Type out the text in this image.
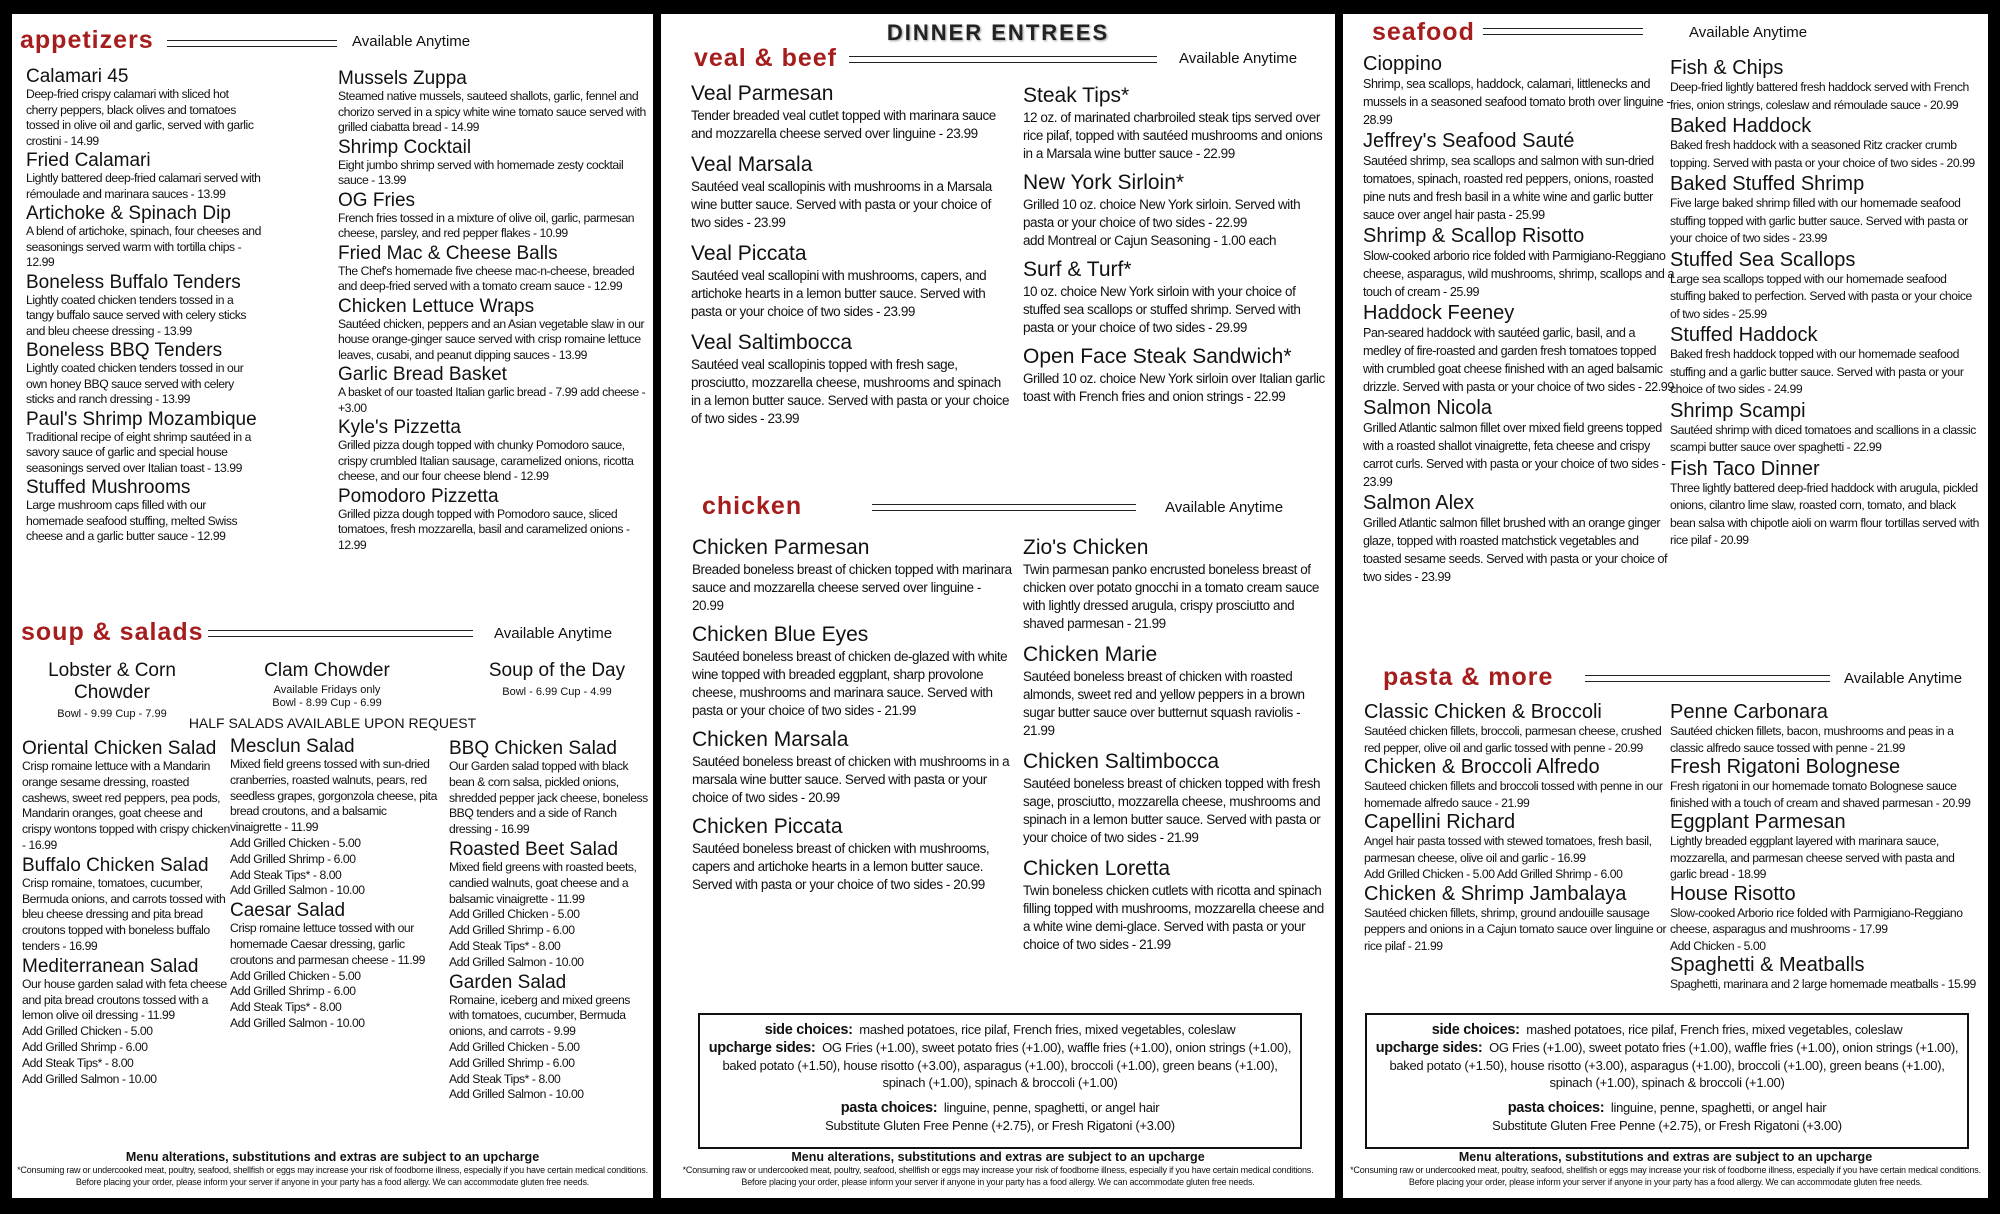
appetizers	Available Anytime
Calamari 45
Deep-fried crispy calamari with sliced hot cherry peppers, black olives and tomatoes tossed in olive oil and garlic, served with garlic crostini - 14.99
Fried Calamari
Lightly battered deep-fried calamari served with rémoulade and marinara sauces - 13.99
Artichoke & Spinach Dip
A blend of artichoke, spinach, four cheeses and seasonings served warm with tortilla chips - 12.99
Boneless Buffalo Tenders
Lightly coated chicken tenders tossed in a tangy buffalo sauce served with celery sticks and bleu cheese dressing - 13.99
Boneless BBQ Tenders
Lightly coated chicken tenders tossed in our own honey BBQ sauce served with celery sticks and ranch dressing - 13.99
Paul's Shrimp Mozambique
Traditional recipe of eight shrimp sautéed in a savory sauce of garlic and special house seasonings served over Italian toast - 13.99
Stuffed Mushrooms
Large mushroom caps filled with our homemade seafood stuffing, melted Swiss cheese and a garlic butter sauce - 12.99
Mussels Zuppa
Steamed native mussels, sauteed shallots, garlic, fennel and chorizo served in a spicy white wine tomato sauce served with grilled ciabatta bread - 14.99
Shrimp Cocktail
Eight jumbo shrimp served with homemade zesty cocktail sauce - 13.99
OG Fries
French fries tossed in a mixture of olive oil, garlic, parmesan cheese, parsley, and red pepper flakes - 10.99
Fried Mac & Cheese Balls
The Chef's homemade five cheese mac-n-cheese, breaded and deep-fried served with a tomato cream sauce - 12.99
Chicken Lettuce Wraps
Sautéed chicken, peppers and an Asian vegetable slaw in our house orange-ginger sauce served with crisp romaine lettuce leaves, cusabi, and peanut dipping sauces - 13.99
Garlic Bread Basket
A basket of our toasted Italian garlic bread - 7.99 add cheese - +3.00
Kyle's Pizzetta
Grilled pizza dough topped with chunky Pomodoro sauce, crispy crumbled Italian sausage, caramelized onions, ricotta cheese, and our four cheese blend - 12.99
Pomodoro Pizzetta
Grilled pizza dough topped with Pomodoro sauce, sliced tomatoes, fresh mozzarella, basil and caramelized onions - 12.99
soup & salads	Available Anytime
Lobster & Corn Chowder
Bowl - 9.99 Cup - 7.99
Clam Chowder
Available Fridays only
Bowl - 8.99 Cup - 6.99
Soup of the Day
Bowl - 6.99 Cup - 4.99
HALF SALADS AVAILABLE UPON REQUEST
Oriental Chicken Salad
Crisp romaine lettuce with a Mandarin orange sesame dressing, roasted cashews, sweet red peppers, pea pods, Mandarin oranges, goat cheese and crispy wontons topped with crispy chicken - 16.99
Buffalo Chicken Salad
Crisp romaine, tomatoes, cucumber, Bermuda onions, and carrots tossed with bleu cheese dressing and pita bread croutons topped with boneless buffalo tenders - 16.99
Mediterranean Salad
Our house garden salad with feta cheese and pita bread croutons tossed with a lemon olive oil dressing - 11.99
Add Grilled Chicken - 5.00
Add Grilled Shrimp - 6.00
Add Steak Tips* - 8.00
Add Grilled Salmon - 10.00
Mesclun Salad
Mixed field greens tossed with sun-dried cranberries, roasted walnuts, pears, red seedless grapes, gorgonzola cheese, pita bread croutons, and a balsamic vinaigrette - 11.99
Add Grilled Chicken - 5.00
Add Grilled Shrimp - 6.00
Add Steak Tips* - 8.00
Add Grilled Salmon - 10.00
Caesar Salad
Crisp romaine lettuce tossed with our homemade Caesar dressing, garlic croutons and parmesan cheese - 11.99
Add Grilled Chicken - 5.00
Add Grilled Shrimp - 6.00
Add Steak Tips* - 8.00
Add Grilled Salmon - 10.00
BBQ Chicken Salad
Our Garden salad topped with black bean & corn salsa, pickled onions, shredded pepper jack cheese, boneless BBQ tenders and a side of Ranch dressing - 16.99
Roasted Beet Salad
Mixed field greens with roasted beets, candied walnuts, goat cheese and a balsamic vinaigrette - 11.99
Add Grilled Chicken - 5.00
Add Grilled Shrimp - 6.00
Add Steak Tips* - 8.00
Add Grilled Salmon - 10.00
Garden Salad
Romaine, iceberg and mixed greens with tomatoes, cucumber, Bermuda onions, and carrots - 9.99
Add Grilled Chicken - 5.00
Add Grilled Shrimp - 6.00
Add Steak Tips* - 8.00
Add Grilled Salmon - 10.00
Menu alterations, substitutions and extras are subject to an upcharge
*Consuming raw or undercooked meat, poultry, seafood, shellfish or eggs may increase your risk of foodborne illness, especially if you have certain medical conditions.
Before placing your order, please inform your server if anyone in your party has a food allergy. We can accommodate gluten free needs.
DINNER ENTREES
veal & beef	Available Anytime
Veal Parmesan
Tender breaded veal cutlet topped with marinara sauce and mozzarella cheese served over linguine - 23.99
Veal Marsala
Sautéed veal scallopinis with mushrooms in a Marsala wine butter sauce. Served with pasta or your choice of two sides - 23.99
Veal Piccata
Sautéed veal scallopini with mushrooms, capers, and artichoke hearts in a lemon butter sauce. Served with pasta or your choice of two sides - 23.99
Veal Saltimbocca
Sautéed veal scallopinis topped with fresh sage, prosciutto, mozzarella cheese, mushrooms and spinach in a lemon butter sauce. Served with pasta or your choice of two sides - 23.99
Steak Tips*
12 oz. of marinated charbroiled steak tips served over rice pilaf, topped with sautéed mushrooms and onions in a Marsala wine butter sauce - 22.99
New York Sirloin*
Grilled 10 oz. choice New York sirloin. Served with pasta or your choice of two sides - 22.99
add Montreal or Cajun Seasoning - 1.00 each
Surf & Turf*
10 oz. choice New York sirloin with your choice of stuffed sea scallops or stuffed shrimp. Served with pasta or your choice of two sides - 29.99
Open Face Steak Sandwich*
Grilled 10 oz. choice New York sirloin over Italian garlic toast with French fries and onion strings - 22.99
chicken	Available Anytime
Chicken Parmesan
Breaded boneless breast of chicken topped with marinara sauce and mozzarella cheese served over linguine - 20.99
Chicken Blue Eyes
Sautéed boneless breast of chicken de-glazed with white wine topped with breaded eggplant, sharp provolone cheese, mushrooms and marinara sauce. Served with pasta or your choice of two sides - 21.99
Chicken Marsala
Sautéed boneless breast of chicken with mushrooms in a marsala wine butter sauce. Served with pasta or your choice of two sides - 20.99
Chicken Piccata
Sautéed boneless breast of chicken with mushrooms, capers and artichoke hearts in a lemon butter sauce. Served with pasta or your choice of two sides - 20.99
Zio's Chicken
Twin parmesan panko encrusted boneless breast of chicken over potato gnocchi in a tomato cream sauce with lightly dressed arugula, crispy prosciutto and shaved parmesan - 21.99
Chicken Marie
Sautéed boneless breast of chicken with roasted almonds, sweet red and yellow peppers in a brown sugar butter sauce over butternut squash raviolis - 21.99
Chicken Saltimbocca
Sautéed boneless breast of chicken topped with fresh sage, prosciutto, mozzarella cheese, mushrooms and spinach in a lemon butter sauce. Served with pasta or your choice of two sides - 21.99
Chicken Loretta
Twin boneless chicken cutlets with ricotta and spinach filling topped with mushrooms, mozzarella cheese and a white wine demi-glace. Served with pasta or your choice of two sides - 21.99
side choices: mashed potatoes, rice pilaf, French fries, mixed vegetables, coleslaw
upcharge sides: OG Fries (+1.00), sweet potato fries (+1.00), waffle fries (+1.00), onion strings (+1.00), baked potato (+1.50), house risotto (+3.00), asparagus (+1.00), broccoli (+1.00), green beans (+1.00), spinach (+1.00), spinach & broccoli (+1.00)
pasta choices: linguine, penne, spaghetti, or angel hair
Substitute Gluten Free Penne (+2.75), or Fresh Rigatoni (+3.00)
Menu alterations, substitutions and extras are subject to an upcharge
*Consuming raw or undercooked meat, poultry, seafood, shellfish or eggs may increase your risk of foodborne illness, especially if you have certain medical conditions.
Before placing your order, please inform your server if anyone in your party has a food allergy. We can accommodate gluten free needs.
seafood	Available Anytime
Cioppino
Shrimp, sea scallops, haddock, calamari, littlenecks and mussels in a seasoned seafood tomato broth over linguine - 28.99
Jeffrey's Seafood Sauté
Sautéed shrimp, sea scallops and salmon with sun-dried tomatoes, spinach, roasted red peppers, onions, roasted pine nuts and fresh basil in a white wine and garlic butter sauce over angel hair pasta - 25.99
Shrimp & Scallop Risotto
Slow-cooked arborio rice folded with Parmigiano-Reggiano cheese, asparagus, wild mushrooms, shrimp, scallops and a touch of cream - 25.99
Haddock Feeney
Pan-seared haddock with sautéed garlic, basil, and a medley of fire-roasted and garden fresh tomatoes topped with crumbled goat cheese finished with an aged balsamic drizzle. Served with pasta or your choice of two sides - 22.99
Salmon Nicola
Grilled Atlantic salmon fillet over mixed field greens topped with a roasted shallot vinaigrette, feta cheese and crispy carrot curls. Served with pasta or your choice of two sides - 23.99
Salmon Alex
Grilled Atlantic salmon fillet brushed with an orange ginger glaze, topped with roasted matchstick vegetables and toasted sesame seeds. Served with pasta or your choice of two sides - 23.99
Fish & Chips
Deep-fried lightly battered fresh haddock served with French fries, onion strings, coleslaw and rémoulade sauce - 20.99
Baked Haddock
Baked fresh haddock with a seasoned Ritz cracker crumb topping. Served with pasta or your choice of two sides - 20.99
Baked Stuffed Shrimp
Five large baked shrimp filled with our homemade seafood stuffing topped with garlic butter sauce. Served with pasta or your choice of two sides - 23.99
Stuffed Sea Scallops
Large sea scallops topped with our homemade seafood stuffing baked to perfection. Served with pasta or your choice of two sides - 25.99
Stuffed Haddock
Baked fresh haddock topped with our homemade seafood stuffing and a garlic butter sauce. Served with pasta or your choice of two sides - 24.99
Shrimp Scampi
Sautéed shrimp with diced tomatoes and scallions in a classic scampi butter sauce over spaghetti - 22.99
Fish Taco Dinner
Three lightly battered deep-fried haddock with arugula, pickled onions, cilantro lime slaw, roasted corn, tomato, and black bean salsa with chipotle aioli on warm flour tortillas served with rice pilaf - 20.99
pasta & more	Available Anytime
Classic Chicken & Broccoli
Sautéed chicken fillets, broccoli, parmesan cheese, crushed red pepper, olive oil and garlic tossed with penne - 20.99
Chicken & Broccoli Alfredo
Sauteed chicken fillets and broccoli tossed with penne in our homemade alfredo sauce - 21.99
Capellini Richard
Angel hair pasta tossed with stewed tomatoes, fresh basil, parmesan cheese, olive oil and garlic - 16.99
Add Grilled Chicken - 5.00 Add Grilled Shrimp - 6.00
Chicken & Shrimp Jambalaya
Sautéed chicken fillets, shrimp, ground andouille sausage peppers and onions in a Cajun tomato sauce over linguine or rice pilaf - 21.99
Penne Carbonara
Sautéed chicken fillets, bacon, mushrooms and peas in a classic alfredo sauce tossed with penne - 21.99
Fresh Rigatoni Bolognese
Fresh rigatoni in our homemade tomato Bolognese sauce finished with a touch of cream and shaved parmesan - 20.99
Eggplant Parmesan
Lightly breaded eggplant layered with marinara sauce, mozzarella, and parmesan cheese served with pasta and garlic bread - 18.99
House Risotto
Slow-cooked Arborio rice folded with Parmigiano-Reggiano cheese, asparagus and mushrooms - 17.99
Add Chicken - 5.00
Spaghetti & Meatballs
Spaghetti, marinara and 2 large homemade meatballs - 15.99
side choices: mashed potatoes, rice pilaf, French fries, mixed vegetables, coleslaw
upcharge sides: OG Fries (+1.00), sweet potato fries (+1.00), waffle fries (+1.00), onion strings (+1.00), baked potato (+1.50), house risotto (+3.00), asparagus (+1.00), broccoli (+1.00), green beans (+1.00), spinach (+1.00), spinach & broccoli (+1.00)
pasta choices: linguine, penne, spaghetti, or angel hair
Substitute Gluten Free Penne (+2.75), or Fresh Rigatoni (+3.00)
Menu alterations, substitutions and extras are subject to an upcharge
*Consuming raw or undercooked meat, poultry, seafood, shellfish or eggs may increase your risk of foodborne illness, especially if you have certain medical conditions.
Before placing your order, please inform your server if anyone in your party has a food allergy. We can accommodate gluten free needs.
